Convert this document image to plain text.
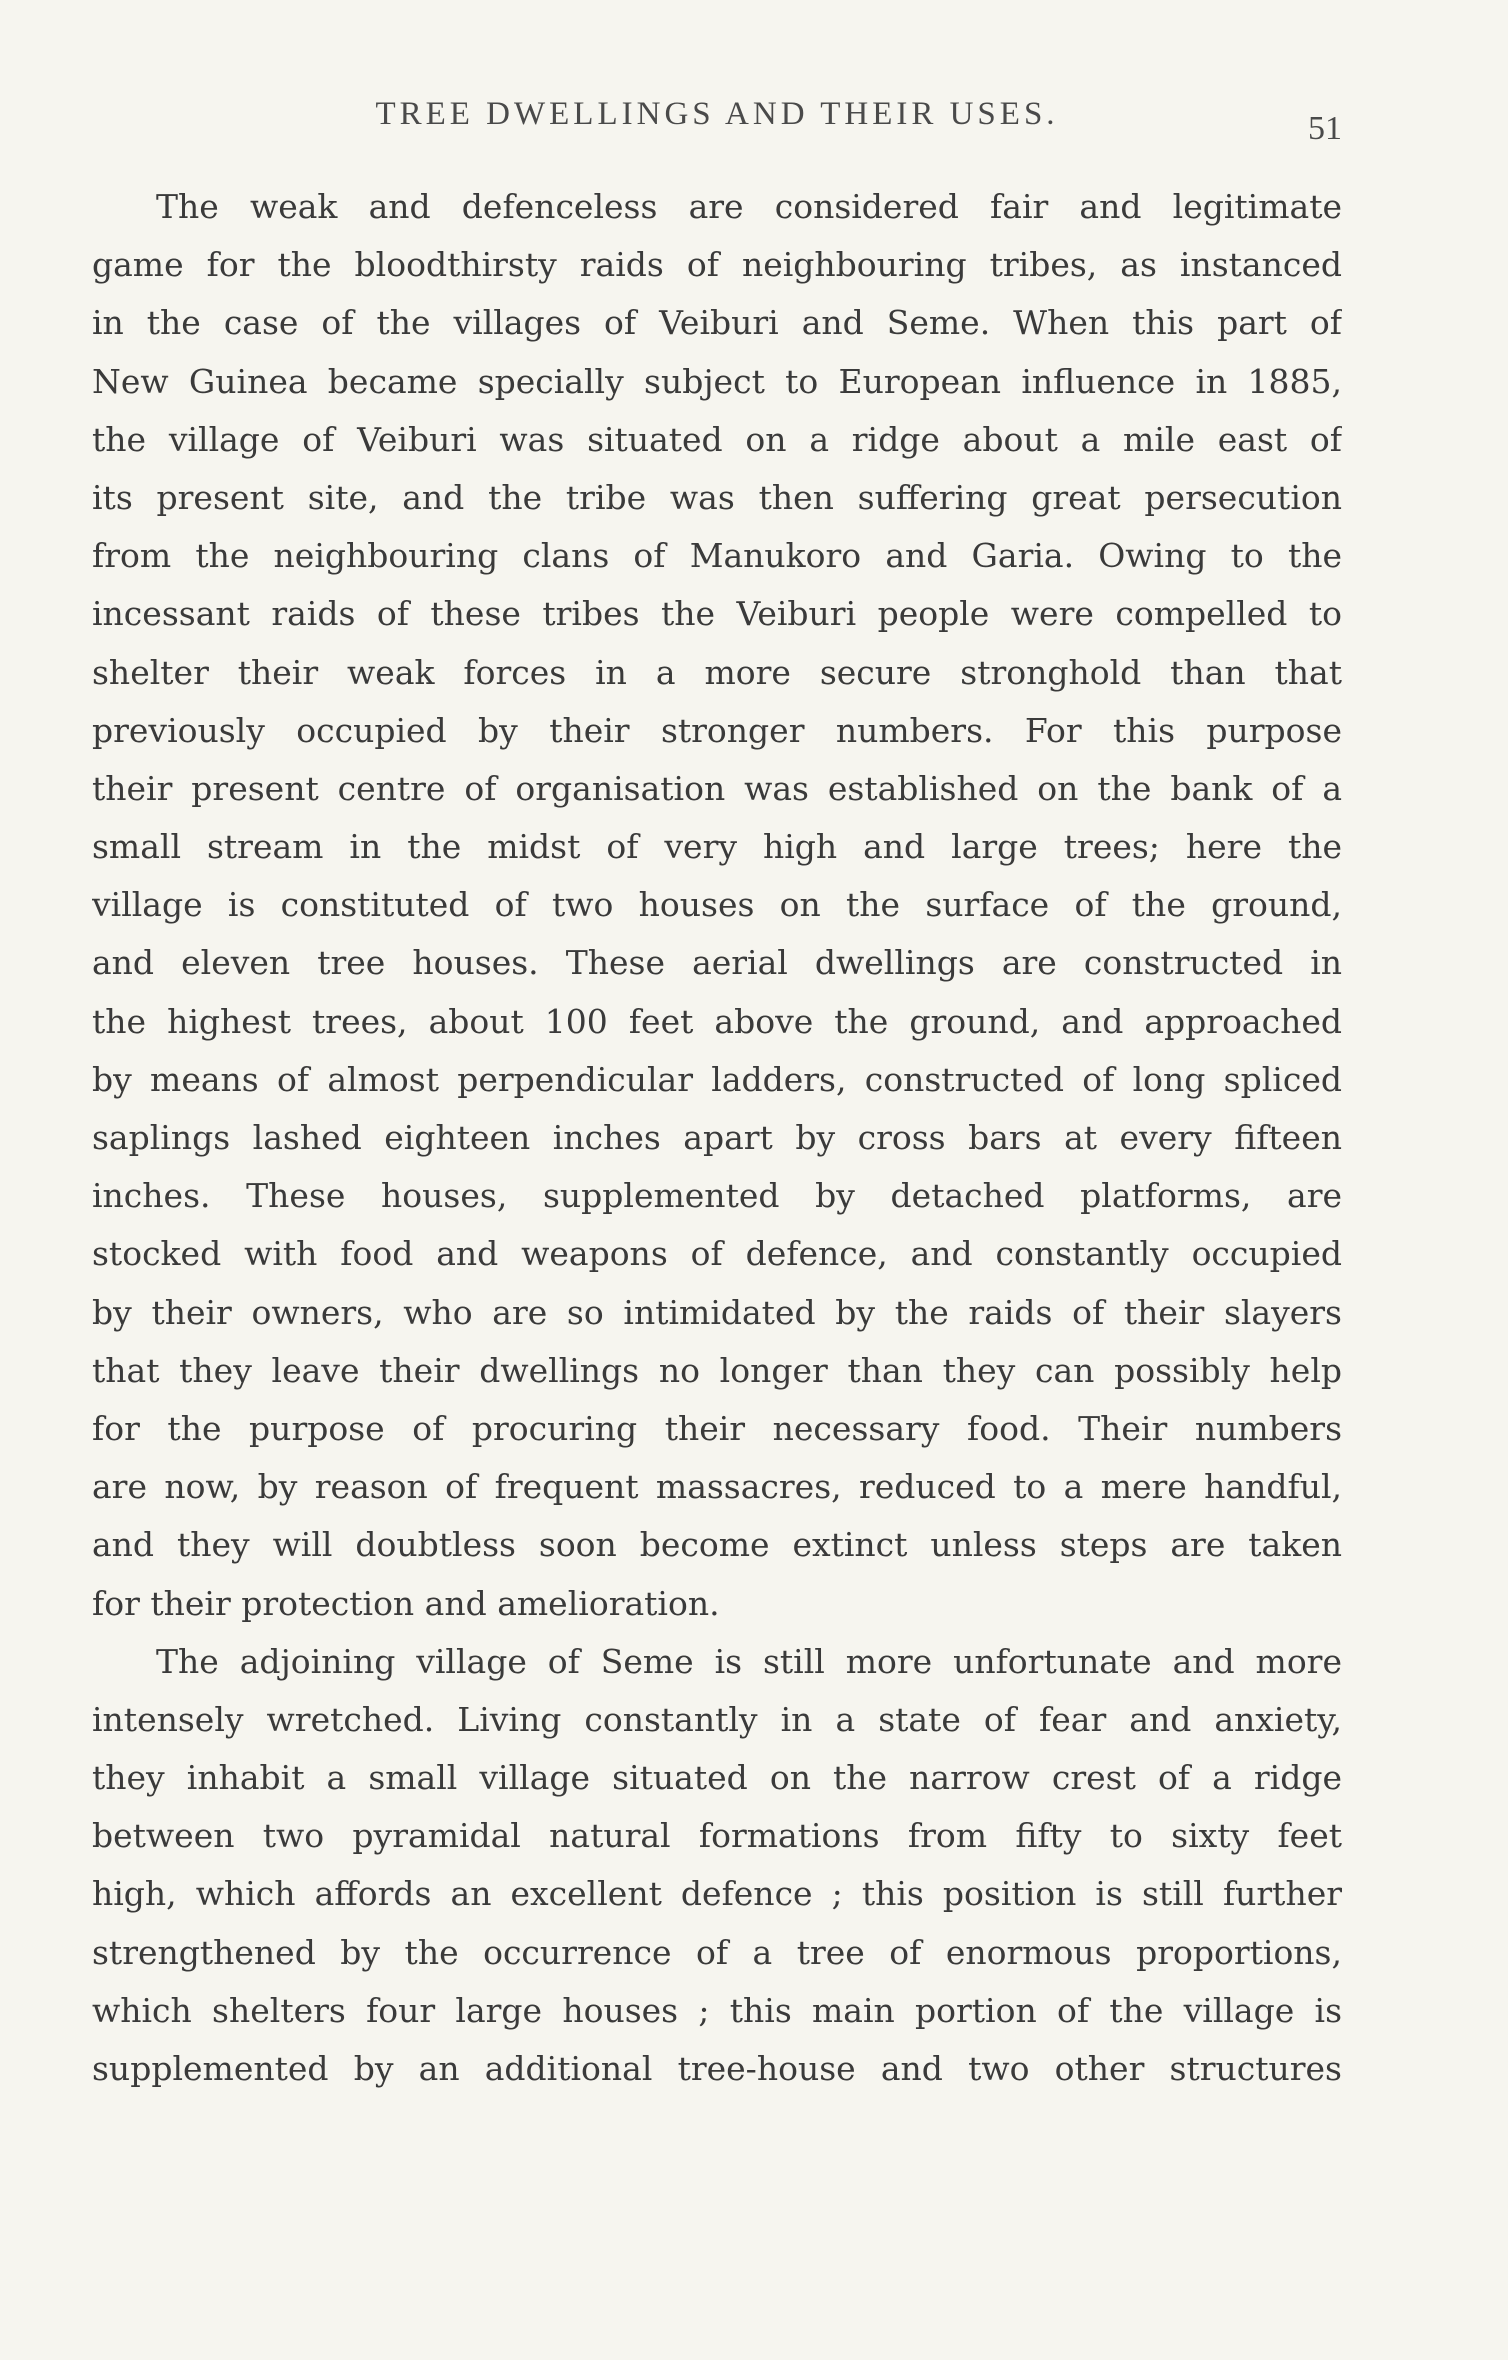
TREE DWELLINGS AND THEIR USES.	51
The weak and defenceless are considered fair and legitimate
game for the bloodthirsty raids of neighbouring tribes, as instanced
in the case of the villages of Veiburi and Seme. When this part of
New Guinea became specially subject to European influence in 1885,
the village of Veiburi was situated on a ridge about a mile east of
its present site, and the tribe was then suffering great persecution
from the neighbouring clans of Manukoro and Garia. Owing to the
incessant raids of these tribes the Veiburi people were compelled to
shelter their weak forces in a more secure stronghold than that
previously occupied by their stronger numbers. For this purpose
their present centre of organisation was established on the bank of a
small stream in the midst of very high and large trees; here the
village is constituted of two houses on the surface of the ground,
and eleven tree houses. These aerial dwellings are constructed in
the highest trees, about 100 feet above the ground, and approached
by means of almost perpendicular ladders, constructed of long spliced
saplings lashed eighteen inches apart by cross bars at every fifteen
inches. These houses, supplemented by detached platforms, are
stocked with food and weapons of defence, and constantly occupied
by their owners, who are so intimidated by the raids of their slayers
that they leave their dwellings no longer than they can possibly help
for the purpose of procuring their necessary food. Their numbers
are now, by reason of frequent massacres, reduced to a mere handful,
and they will doubtless soon become extinct unless steps are taken
for their protection and amelioration.
The adjoining village of Seme is still more unfortunate and more
intensely wretched. Living constantly in a state of fear and anxiety,
they inhabit a small village situated on the narrow crest of a ridge
between two pyramidal natural formations from fifty to sixty feet
high, which affords an excellent defence ; this position is still further
strengthened by the occurrence of a tree of enormous proportions,
which shelters four large houses ; this main portion of the village is
supplemented by an additional tree-house and two other structures
